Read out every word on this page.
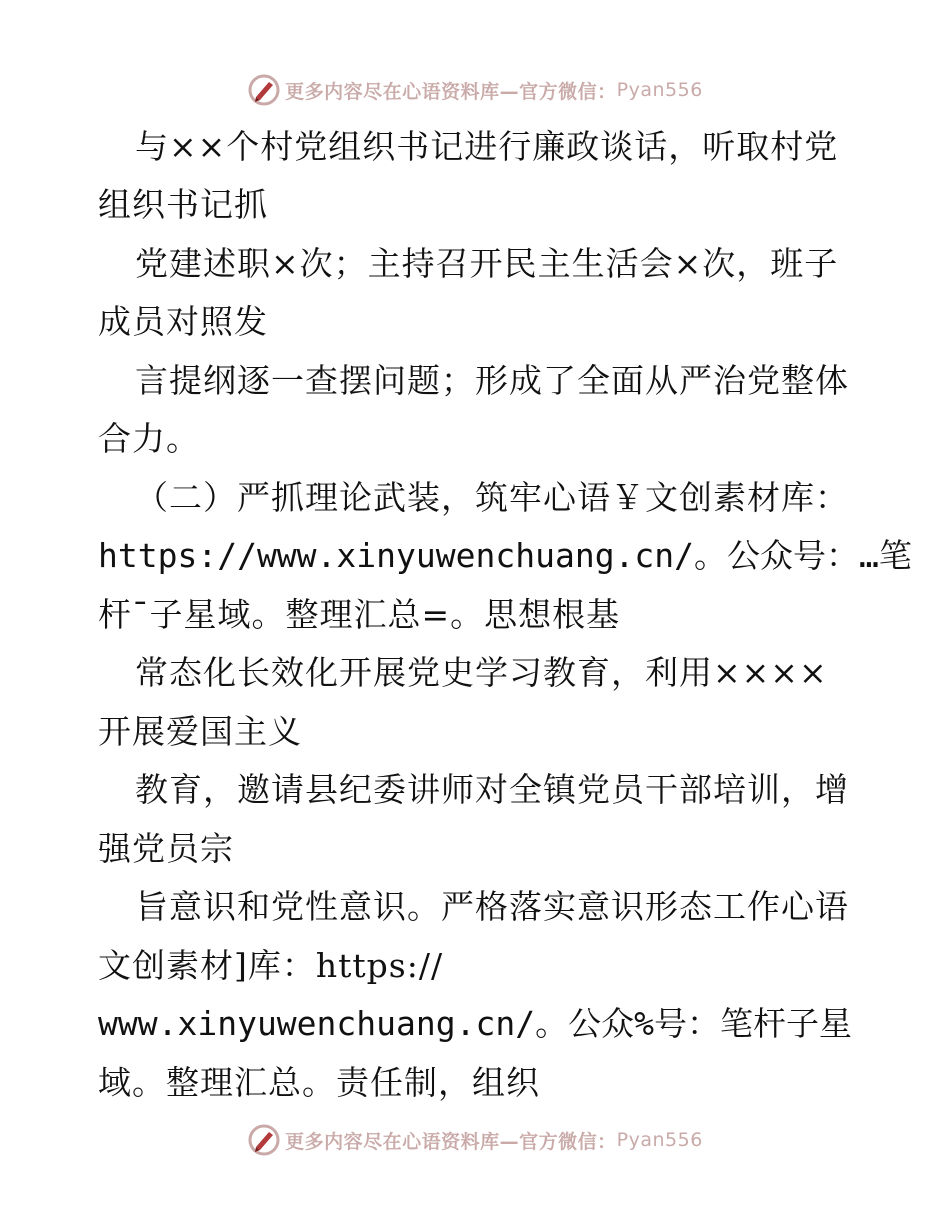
更多内容尽在心语资料库—官方微信： Pyan556
与××个村党组织书记进行廉政谈话，听取村党
组织书记抓
党建述职×次；主持召开民主生活会×次，班子
成员对照发
言提纲逐一查摆问题；形成了全面从严治党整体
合力。
（二）严抓理论武装，筑牢心语￥文创素材库：
https://www.xinyuwenchuang.cn/。公众号：…笔
杆¯子星域。整理汇总=。思想根基
常态化长效化开展党史学习教育，利用××××
开展爱国主义
教育，邀请县纪委讲师对全镇党员干部培训，增
强党员宗
旨意识和党性意识。严格落实意识形态工作心语
文创素材]库：https://
www.xinyuwenchuang.cn/。公众%号：笔杆子星
域。整理汇总。责任制，组织
更多内容尽在心语资料库—官方微信： Pyan556
